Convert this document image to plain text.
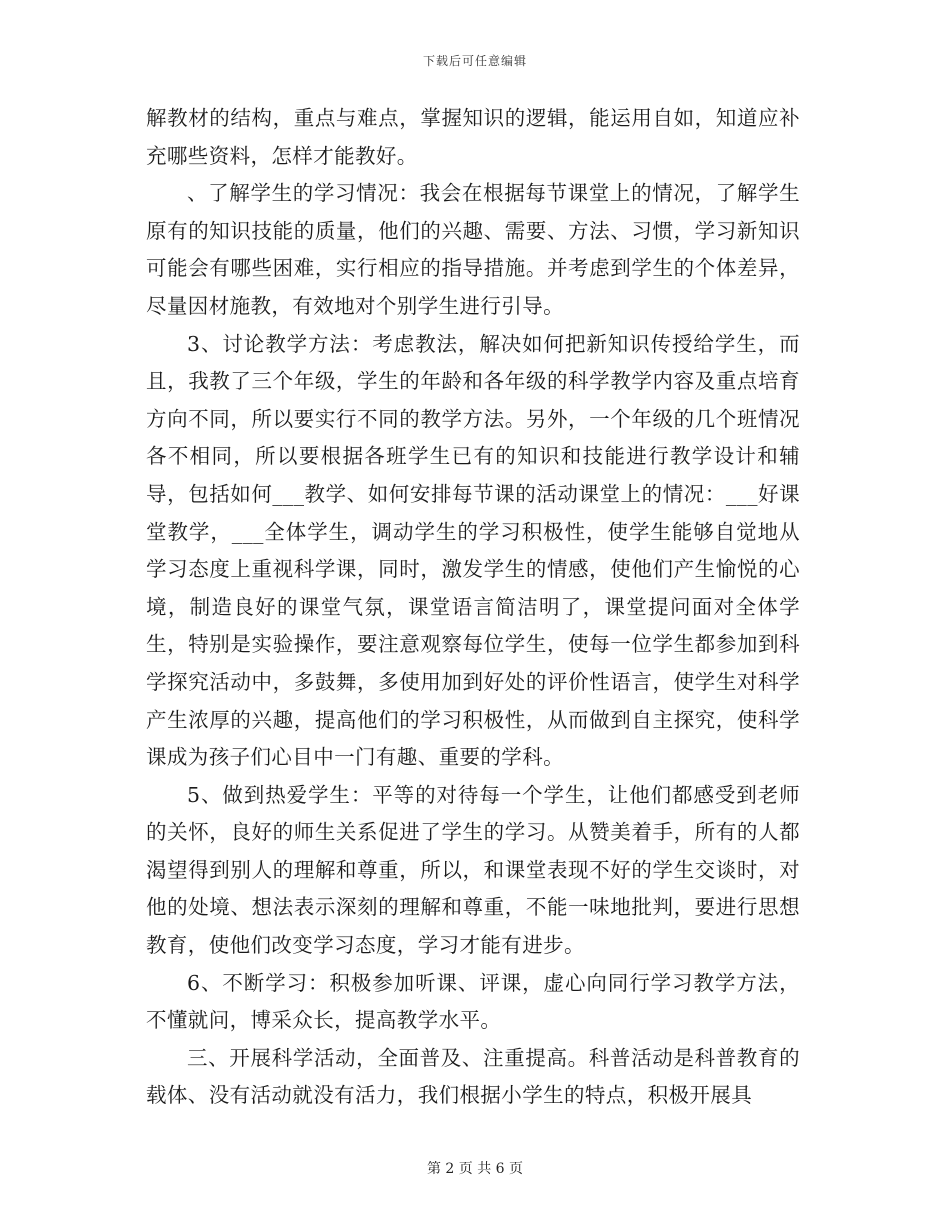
下载后可任意编辑

解教材的结构，重点与难点，掌握知识的逻辑，能运用自如，知道应补充哪些资料，怎样才能教好。

、了解学生的学习情况：我会在根据每节课堂上的情况，了解学生原有的知识技能的质量，他们的兴趣、需要、方法、习惯，学习新知识可能会有哪些困难，实行相应的指导措施。并考虑到学生的个体差异，尽量因材施教，有效地对个别学生进行引导。

3、讨论教学方法：考虑教法，解决如何把新知识传授给学生，而且，我教了三个年级，学生的年龄和各年级的科学教学内容及重点培育方向不同，所以要实行不同的教学方法。另外，一个年级的几个班情况各不相同，所以要根据各班学生已有的知识和技能进行教学设计和辅导，包括如何___教学、如何安排每节课的活动课堂上的情况：___好课堂教学，___全体学生，调动学生的学习积极性，使学生能够自觉地从学习态度上重视科学课，同时，激发学生的情感，使他们产生愉悦的心境，制造良好的课堂气氛，课堂语言简洁明了，课堂提问面对全体学生，特别是实验操作，要注意观察每位学生，使每一位学生都参加到科学探究活动中，多鼓舞，多使用加到好处的评价性语言，使学生对科学产生浓厚的兴趣，提高他们的学习积极性，从而做到自主探究，使科学课成为孩子们心目中一门有趣、重要的学科。

5、做到热爱学生：平等的对待每一个学生，让他们都感受到老师的关怀，良好的师生关系促进了学生的学习。从赞美着手，所有的人都渴望得到别人的理解和尊重，所以，和课堂表现不好的学生交谈时，对他的处境、想法表示深刻的理解和尊重，不能一味地批判，要进行思想教育，使他们改变学习态度，学习才能有进步。

6、不断学习：积极参加听课、评课，虚心向同行学习教学方法，不懂就问，博采众长，提高教学水平。

三、开展科学活动，全面普及、注重提高。科普活动是科普教育的载体、没有活动就没有活力，我们根据小学生的特点，积极开展具

第 2 页 共 6 页
